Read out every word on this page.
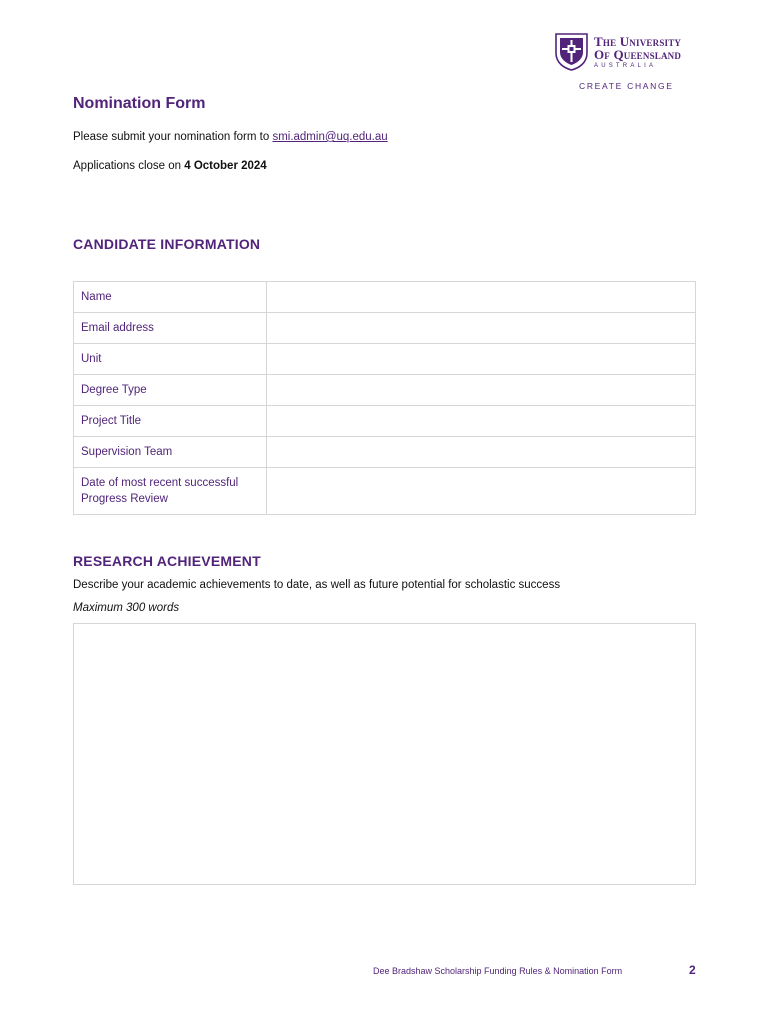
The University
Of Queensland
AUSTRALIA
CREATE CHANGE
Nomination Form

Please submit your nomination form to smi.admin@uq.edu.au

Applications close on 4 October 2024

CANDIDATE INFORMATION
Name	
Email address	
Unit	
Degree Type	
Project Title	
Supervision Team	
Date of most recent successful Progress Review	
RESEARCH ACHIEVEMENT

Describe your academic achievements to date, as well as future potential for scholastic success

Maximum 300 words

Dee Bradshaw Scholarship Funding Rules & Nomination Form	2
